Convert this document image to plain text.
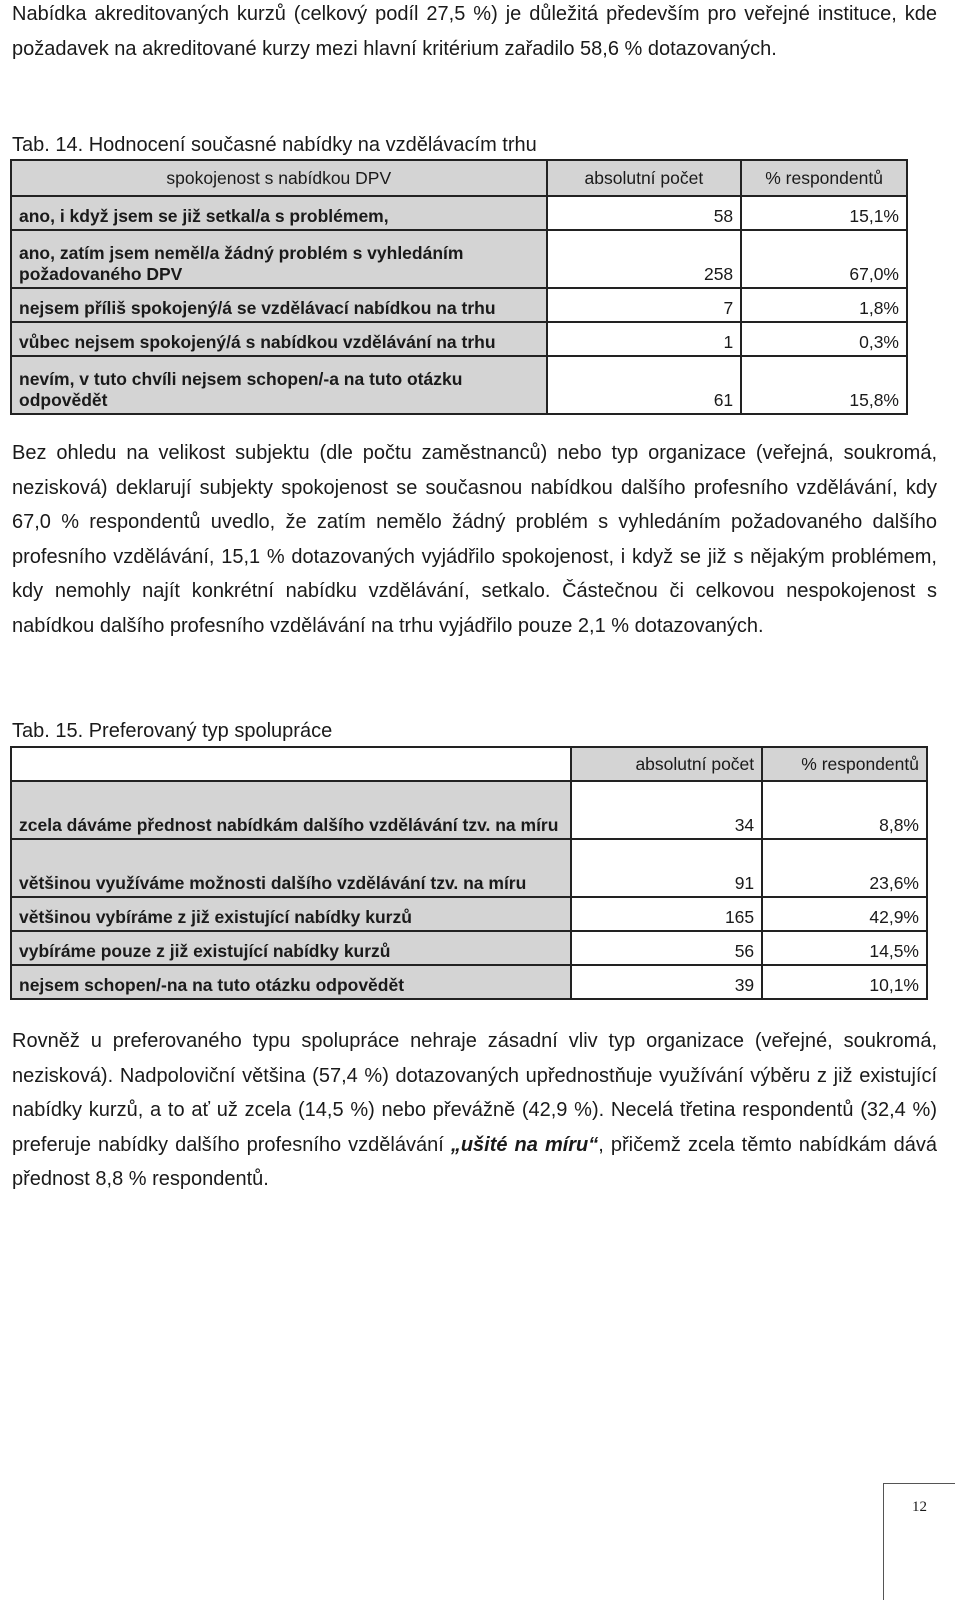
Nabídka akreditovaných kurzů (celkový podíl 27,5 %) je důležitá především pro veřejné instituce, kde požadavek na akreditované kurzy mezi hlavní kritérium zařadilo 58,6 % dotazovaných.

Tab. 14. Hodnocení současné nabídky na vzdělávacím trhu

spokojenost s nabídkou DPV	absolutní počet	% respondentů
ano, i když jsem se již setkal/a s problémem,	58	15,1%
ano, zatím jsem neměl/a žádný problém s vyhledáním požadovaného DPV	258	67,0%
nejsem příliš spokojený/á se vzdělávací nabídkou na trhu	7	1,8%
vůbec nejsem spokojený/á s nabídkou vzdělávání na trhu	1	0,3%
nevím, v tuto chvíli nejsem schopen/-a na tuto otázku odpovědět	61	15,8%

Bez ohledu na velikost subjektu (dle počtu zaměstnanců) nebo typ organizace (veřejná, soukromá, nezisková) deklarují subjekty spokojenost se současnou nabídkou dalšího profesního vzdělávání, kdy 67,0 % respondentů uvedlo, že zatím nemělo žádný problém s vyhledáním požadovaného dalšího profesního vzdělávání, 15,1 % dotazovaných vyjádřilo spokojenost, i když se již s nějakým problémem, kdy nemohly najít konkrétní nabídku vzdělávání, setkalo. Částečnou či celkovou nespokojenost s nabídkou dalšího profesního vzdělávání na trhu vyjádřilo pouze 2,1 % dotazovaných.

Tab. 15. Preferovaný typ spolupráce

	absolutní počet	% respondentů
zcela dáváme přednost nabídkám dalšího vzdělávání tzv. na míru	34	8,8%
většinou využíváme možnosti dalšího vzdělávání tzv. na míru	91	23,6%
většinou vybíráme z již existující nabídky kurzů	165	42,9%
vybíráme pouze z již existující nabídky kurzů	56	14,5%
nejsem schopen/-na na tuto otázku odpovědět	39	10,1%

Rovněž u preferovaného typu spolupráce nehraje zásadní vliv typ organizace (veřejné, soukromá, nezisková). Nadpoloviční většina (57,4 %) dotazovaných upřednostňuje využívání výběru z již existující nabídky kurzů, a to ať už zcela (14,5 %) nebo převážně (42,9 %). Necelá třetina respondentů (32,4 %) preferuje nabídky dalšího profesního vzdělávání „ušité na míru“, přičemž zcela těmto nabídkám dává přednost 8,8 % respondentů.

12
